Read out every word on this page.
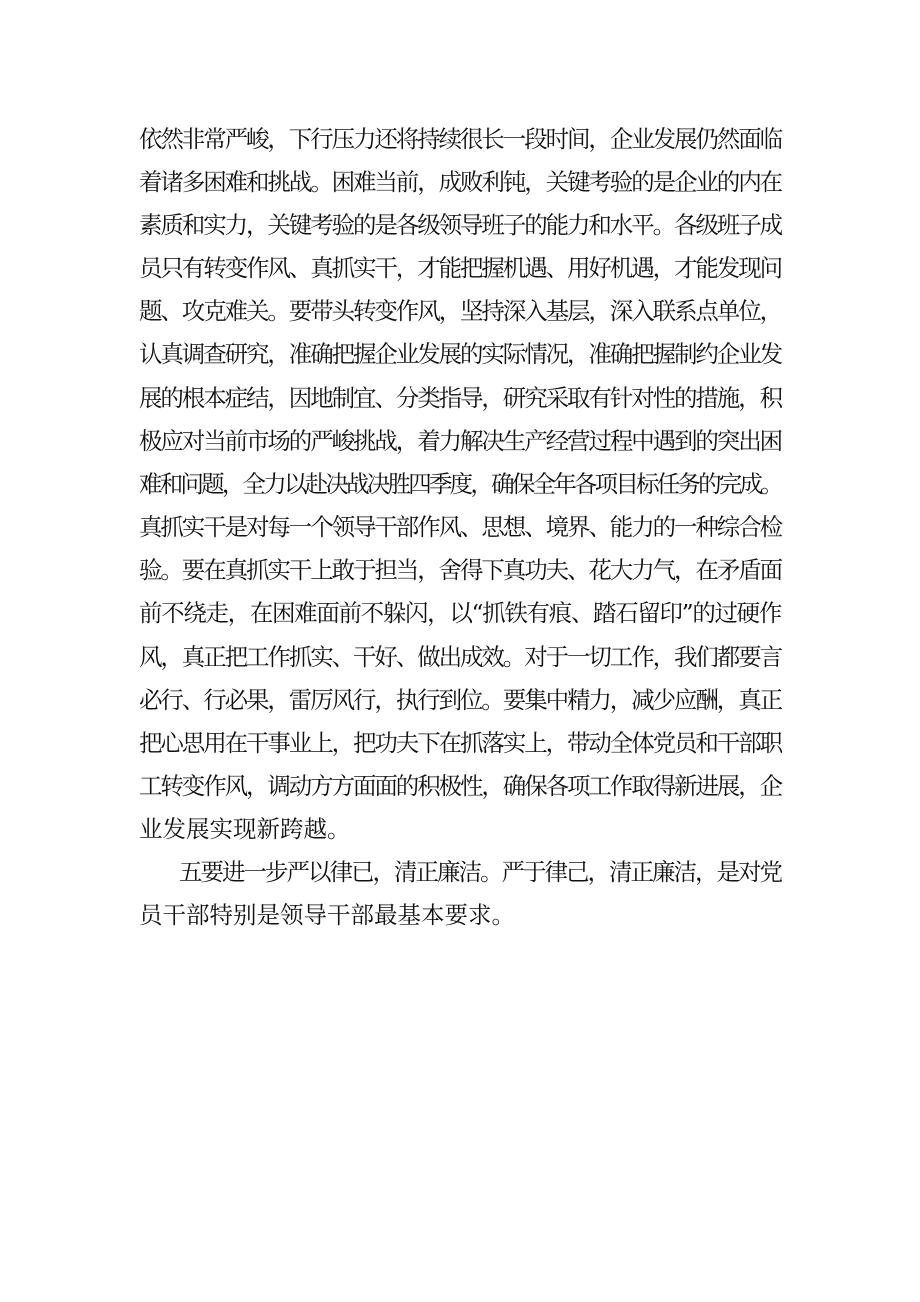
依然非常严峻，下行压力还将持续很长一段时间，企业发展仍然面临
着诸多困难和挑战。困难当前，成败利钝，关键考验的是企业的内在
素质和实力，关键考验的是各级领导班子的能力和水平。各级班子成
员只有转变作风、真抓实干，才能把握机遇、用好机遇，才能发现问
题、攻克难关。要带头转变作风，坚持深入基层，深入联系点单位，
认真调查研究，准确把握企业发展的实际情况，准确把握制约企业发
展的根本症结，因地制宜、分类指导，研究采取有针对性的措施，积
极应对当前市场的严峻挑战，着力解决生产经营过程中遇到的突出困
难和问题，全力以赴决战决胜四季度，确保全年各项目标任务的完成。
真抓实干是对每一个领导干部作风、思想、境界、能力的一种综合检
验。要在真抓实干上敢于担当，舍得下真功夫、花大力气，在矛盾面
前不绕走，在困难面前不躲闪，以“抓铁有痕、踏石留印”的过硬作
风，真正把工作抓实、干好、做出成效。对于一切工作，我们都要言
必行、行必果，雷厉风行，执行到位。要集中精力，减少应酬，真正
把心思用在干事业上，把功夫下在抓落实上，带动全体党员和干部职
工转变作风，调动方方面面的积极性，确保各项工作取得新进展，企
业发展实现新跨越。
五要进一步严以律已，清正廉洁。严于律己，清正廉洁，是对党
员干部特别是领导干部最基本要求。
